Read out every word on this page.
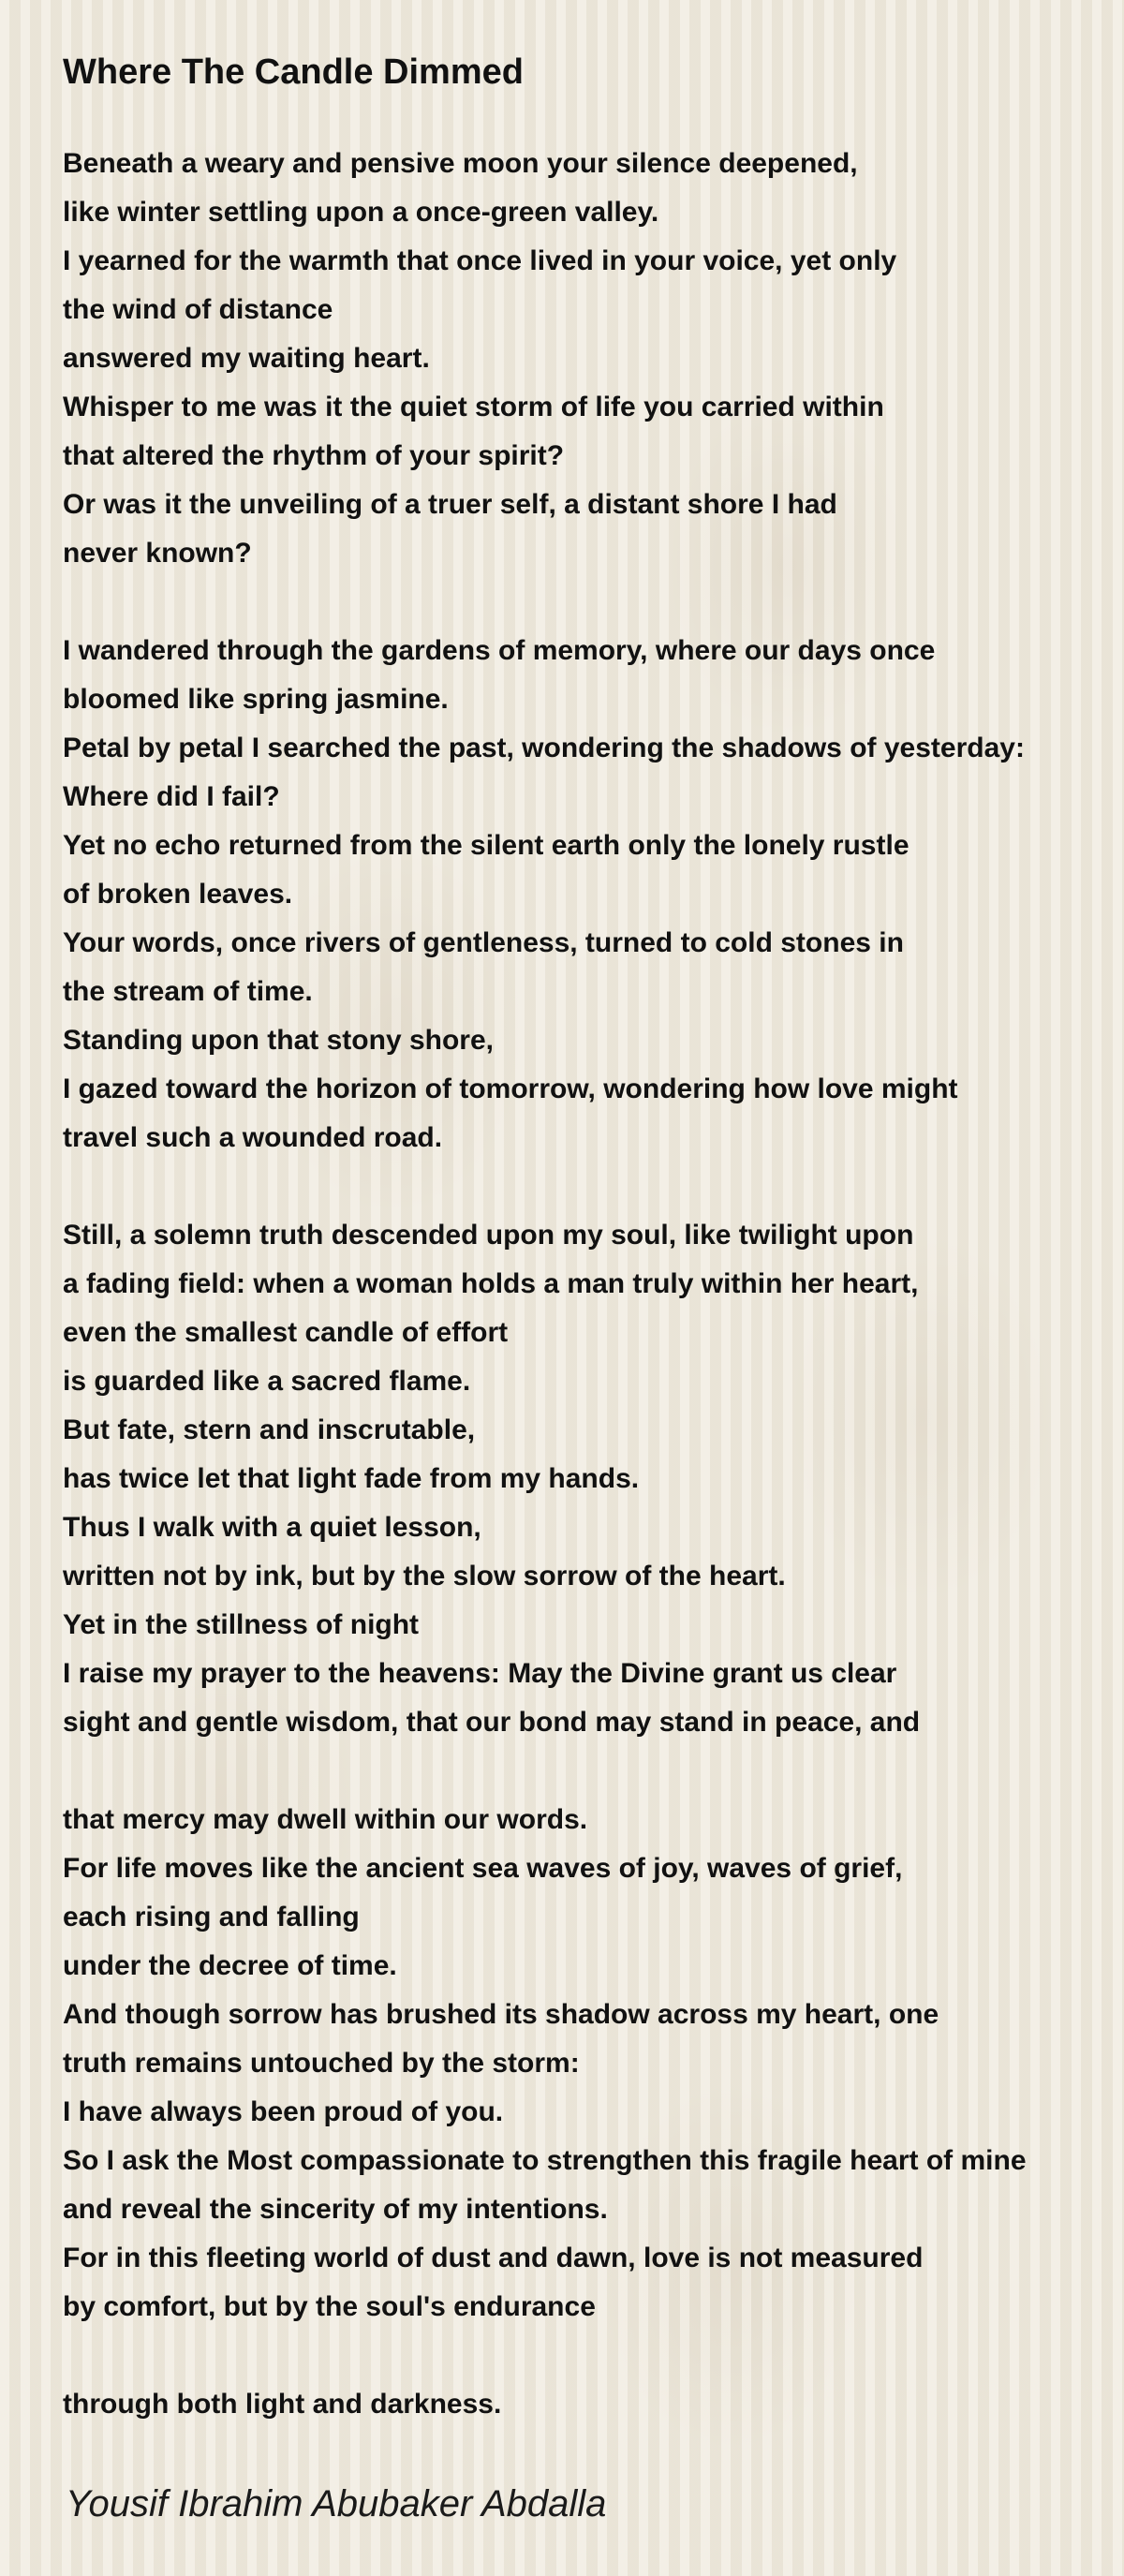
Where The Candle Dimmed
Beneath a weary and pensive moon your silence deepened,
like winter settling upon a once-green valley.
I yearned for the warmth that once lived in your voice, yet only
the wind of distance
answered my waiting heart.
Whisper to me was it the quiet storm of life you carried within
that altered the rhythm of your spirit?
Or was it the unveiling of a truer self, a distant shore I had
never known?
I wandered through the gardens of memory, where our days once
bloomed like spring jasmine.
Petal by petal I searched the past, wondering the shadows of yesterday:
Where did I fail?
Yet no echo returned from the silent earth only the lonely rustle
of broken leaves.
Your words, once rivers of gentleness, turned to cold stones in
the stream of time.
Standing upon that stony shore,
I gazed toward the horizon of tomorrow, wondering how love might
travel such a wounded road.
Still, a solemn truth descended upon my soul, like twilight upon
a fading field: when a woman holds a man truly within her heart,
even the smallest candle of effort
is guarded like a sacred flame.
But fate, stern and inscrutable,
has twice let that light fade from my hands.
Thus I walk with a quiet lesson,
written not by ink, but by the slow sorrow of the heart.
Yet in the stillness of night
I raise my prayer to the heavens: May the Divine grant us clear
sight and gentle wisdom, that our bond may stand in peace, and
that mercy may dwell within our words.
For life moves like the ancient sea waves of joy, waves of grief,
each rising and falling
under the decree of time.
And though sorrow has brushed its shadow across my heart, one
truth remains untouched by the storm:
I have always been proud of you.
So I ask the Most compassionate to strengthen this fragile heart of mine
and reveal the sincerity of my intentions.
For in this fleeting world of dust and dawn, love is not measured
by comfort, but by the soul's endurance
through both light and darkness.

Yousif Ibrahim Abubaker Abdalla
